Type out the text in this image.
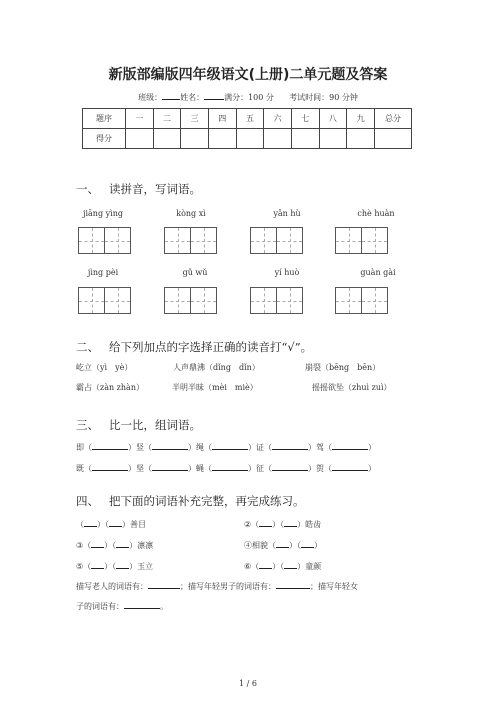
新版部编版四年级语文(上册)二单元题及答案
班级： 姓名：	满分：100 分 考试时间：90 分钟
题序	一	二	三	四	五	六	七	八	九	总分
得分										
一、 读拼音，写词语。
jiāng yìng	kòng xì	yǎn hù	chè huàn
jìng pèi	gǔ wǔ	yí huò	guàn gài
二、 给下列加点的字选择正确的读音打“√”。
屹立（yì　yè）	人声鼎沸（dǐng　dǐn）	崩裂（bēng　bēn）
霸占（zàn zhàn）	半明半昧（mèi　miè）	摇摇欲坠（zhuì zuì）
三、 比一比，组词语。
即（	）竖（	）绳（	）证（	）驾（	）
既（	）坚（	）蝇（	）征（	）贺（	）
四、 把下面的词语补充完整，再完成练习。
（ ）（ ）善目	②（ ）（ ）皓齿
③（ ）（ ）凛凛	④相貌（ ）（ ）
⑤（ ）（ ）玉立	⑥（ ）（ ）童颜
描写老人的词语有：	；描写年轻男子的词语有：	；描写年轻女
子的词语有：	。
1 / 6
